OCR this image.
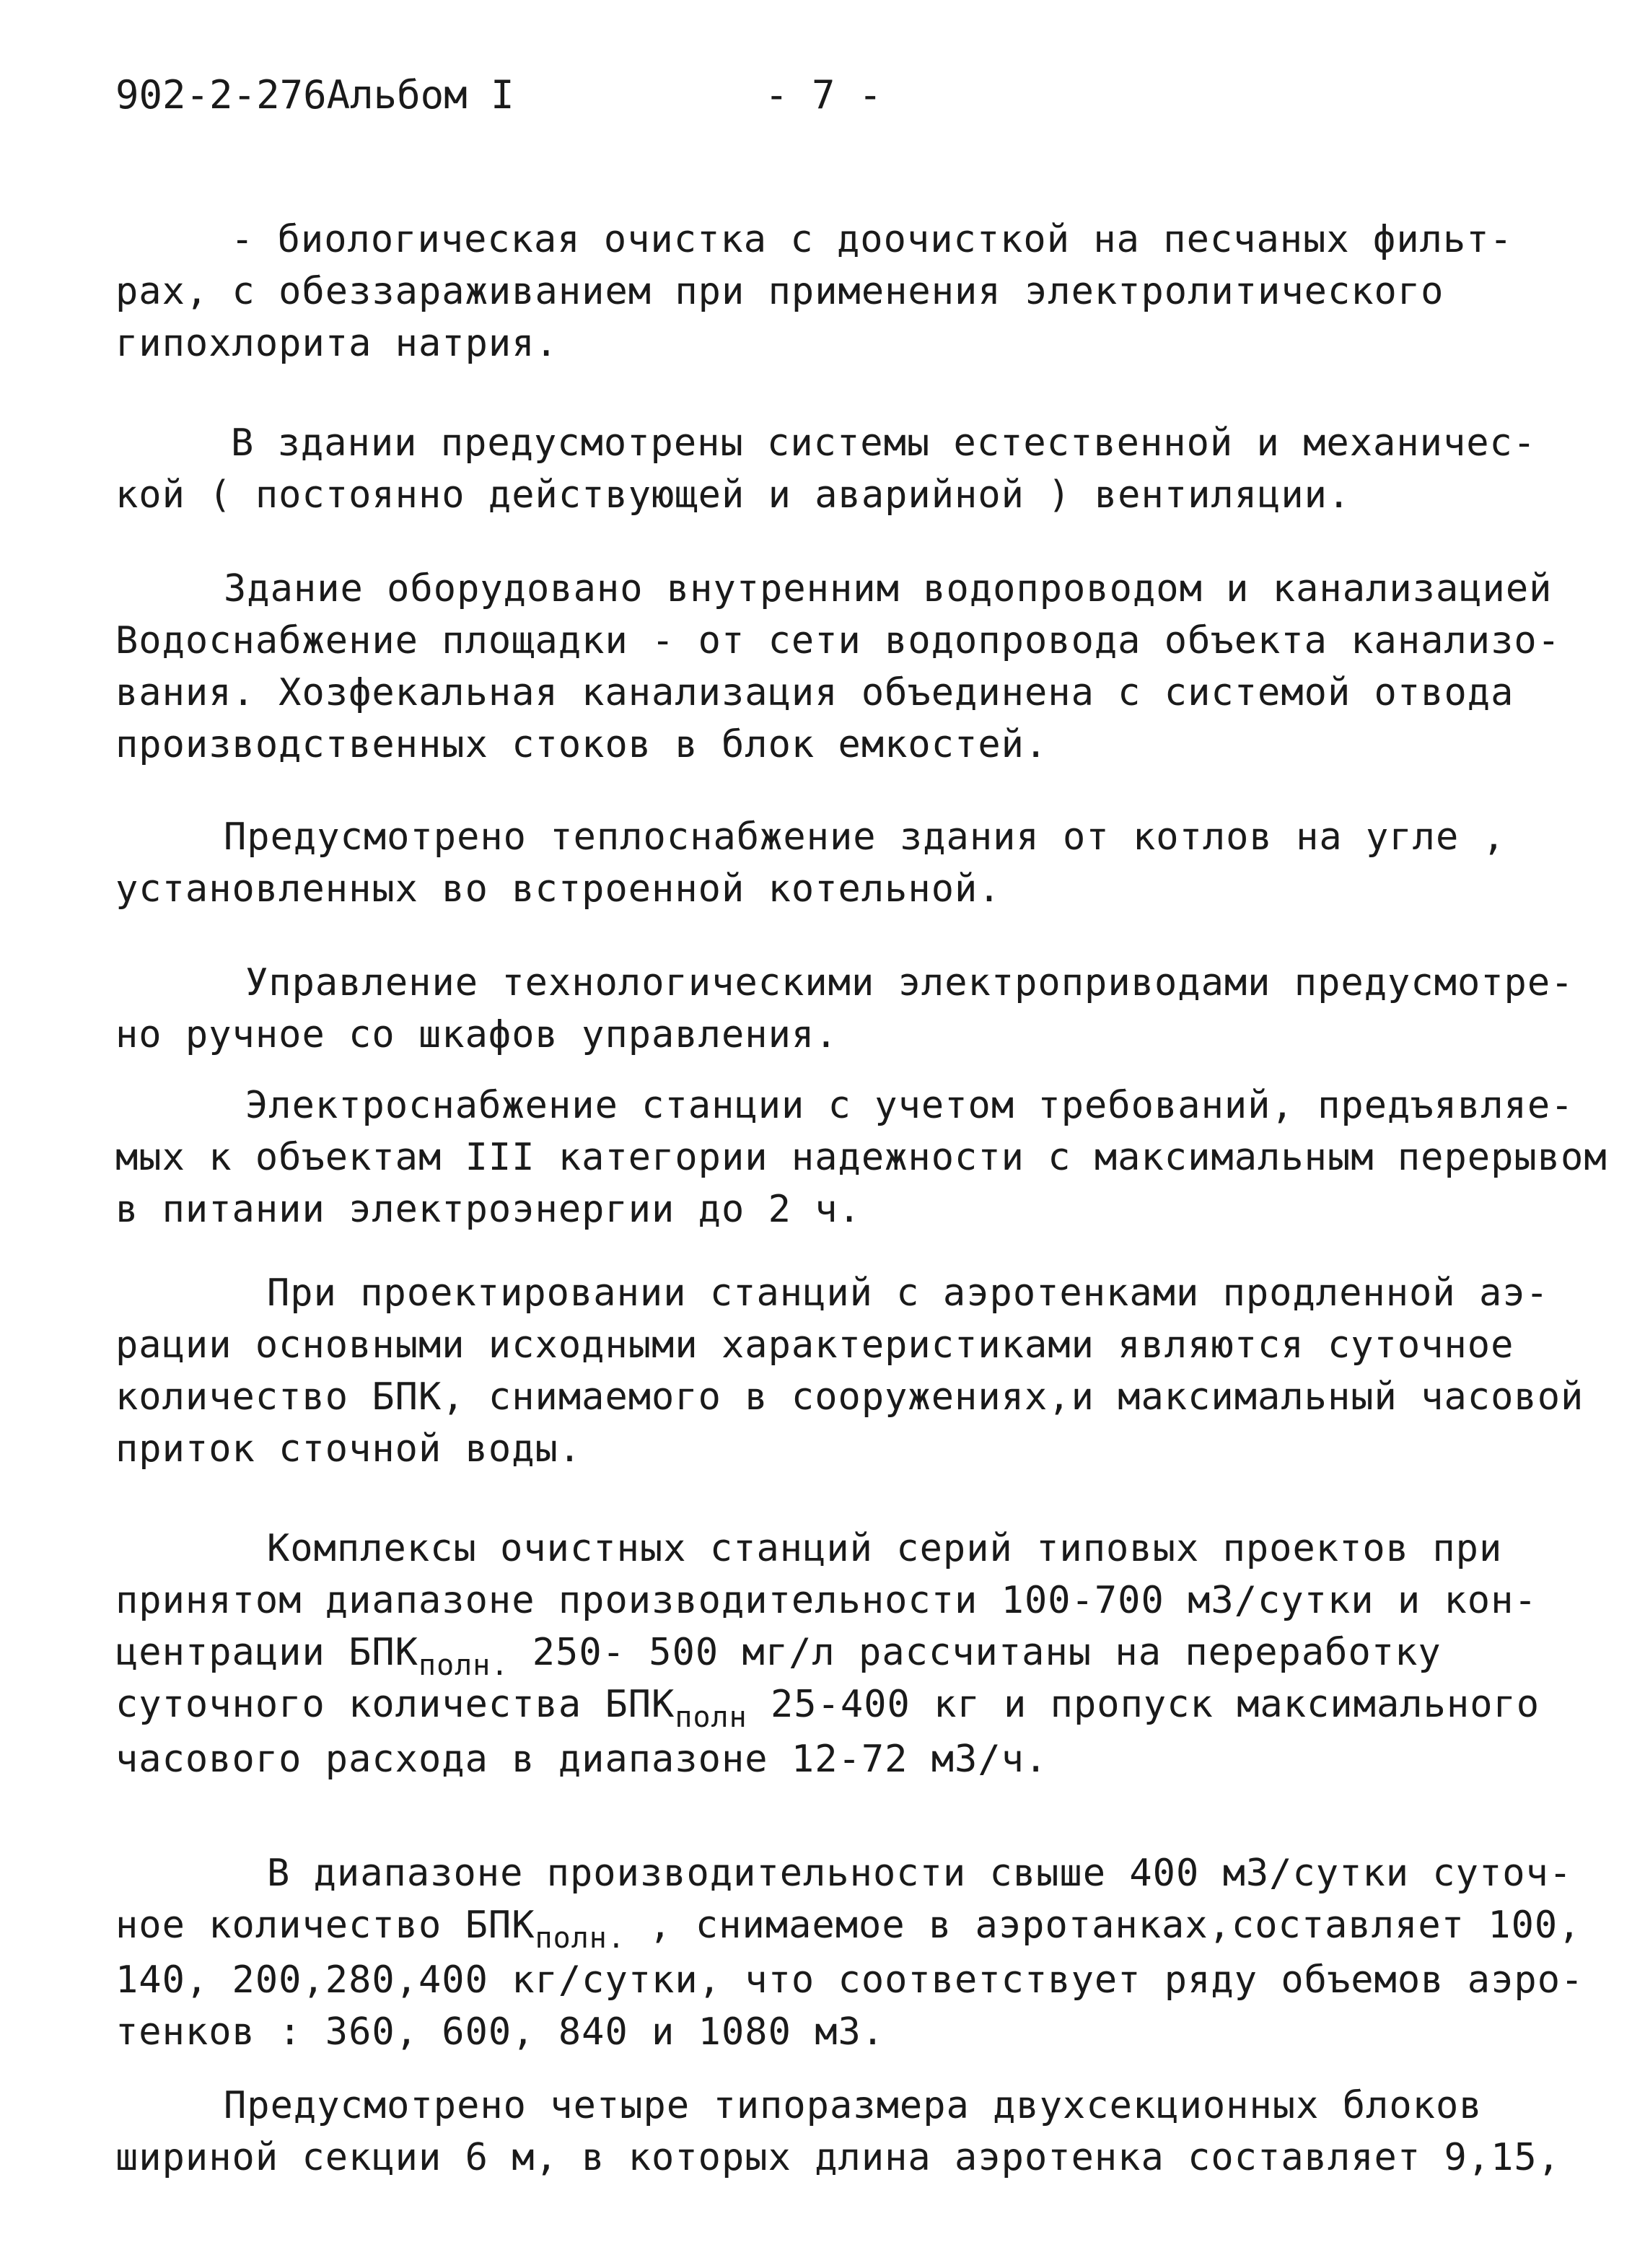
902-2-276Альбом I	- 7 -
- биологическая очистка с доочисткой на песчаных фильт-
рах, с обеззараживанием при применения электролитического
гипохлорита натрия.
В здании предусмотрены системы естественной и механичес-
кой ( постоянно действующей и аварийной ) вентиляции.
Здание оборудовано внутренним водопроводом и канализацией
Водоснабжение площадки - от сети водопровода объекта канализо-
вания. Хозфекальная канализация объединена с системой отвода
производственных стоков в блок емкостей.
Предусмотрено теплоснабжение здания от котлов на угле ,
установленных во встроенной котельной.
Управление технологическими электроприводами предусмотре-
но ручное со шкафов управления.
Электроснабжение станции с учетом требований, предъявляе-
мых к объектам III категории надежности с максимальным перерывом
в питании электроэнергии до 2 ч.
При проектировании станций с аэротенками продленной аэ-
рации основными исходными характеристиками являются суточное
количество БПК, снимаемого в сооружениях,и максимальный часовой
приток сточной воды.
Комплексы очистных станций серий типовых проектов при
принятом диапазоне производительности 100-700 м3/сутки и кон-
центрации $БПК_{полн.}$ 250- 500 мг/л рассчитаны на переработку
суточного количества $БПК_{полн}$ 25-400 кг и пропуск максимального
часового расхода в диапазоне 12-72 м3/ч.
В диапазоне производительности свыше 400 м3/сутки суточ-
ное количество $БПК_{полн.}$ , снимаемое в аэротанках,составляет 100,
140, 200,280,400 кг/сутки, что соответствует ряду объемов аэро-
тенков : 360, 600, 840 и 1080 м3.
Предусмотрено четыре типоразмера двухсекционных блоков
шириной секции 6 м, в которых длина аэротенка составляет 9,15,
